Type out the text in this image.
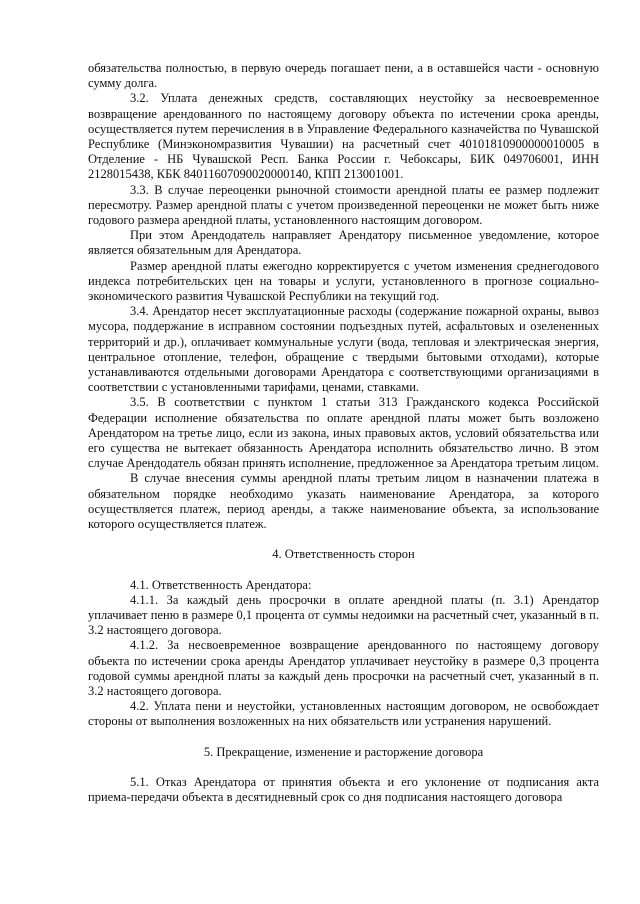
обязательства полностью, в первую очередь погашает пени, а в оставшейся части - основную сумму долга.

3.2. Уплата денежных средств, составляющих неустойку за несвоевременное возвращение арендованного по настоящему договору объекта по истечении срока аренды, осуществляется путем перечисления в в Управление Федерального казначейства по Чувашской Республике (Минэкономразвития Чувашии) на расчетный счет 40101810900000010005 в Отделение - НБ Чувашской Респ. Банка России г. Чебоксары, БИК 049706001, ИНН 2128015438, КБК 84011607090020000140, КПП 213001001.

3.3. В случае переоценки рыночной стоимости арендной платы ее размер подлежит пересмотру. Размер арендной платы с учетом произведенной переоценки не может быть ниже годового размера арендной платы, установленного настоящим договором.

При этом Арендодатель направляет Арендатору письменное уведомление, которое является обязательным для Арендатора.

Размер арендной платы ежегодно корректируется с учетом изменения среднегодового индекса потребительских цен на товары и услуги, установленного в прогнозе социально-экономического развития Чувашской Республики на текущий год.

3.4. Арендатор несет эксплуатационные расходы (содержание пожарной охраны, вывоз мусора, поддержание в исправном состоянии подъездных путей, асфальтовых и озелененных территорий и др.), оплачивает коммунальные услуги (вода, тепловая и электрическая энергия, центральное отопление, телефон, обращение с твердыми бытовыми отходами), которые устанавливаются отдельными договорами Арендатора с соответствующими организациями в соответствии с установленными тарифами, ценами, ставками.

3.5. В соответствии с пунктом 1 статьи 313 Гражданского кодекса Российской Федерации исполнение обязательства по оплате арендной платы может быть возложено Арендатором на третье лицо, если из закона, иных правовых актов, условий обязательства или его существа не вытекает обязанность Арендатора исполнить обязательство лично. В этом случае Арендодатель обязан принять исполнение, предложенное за Арендатора третьим лицом.

В случае внесения суммы арендной платы третьим лицом в назначении платежа в обязательном порядке необходимо указать наименование Арендатора, за которого осуществляется платеж, период аренды, а также наименование объекта, за использование которого осуществляется платеж.

4. Ответственность сторон

4.1. Ответственность Арендатора:

4.1.1. За каждый день просрочки в оплате арендной платы (п. 3.1) Арендатор уплачивает пеню в размере 0,1 процента от суммы недоимки на расчетный счет, указанный в п. 3.2 настоящего договора.

4.1.2. За несвоевременное возвращение арендованного по настоящему договору объекта по истечении срока аренды Арендатор уплачивает неустойку в размере 0,3 процента годовой суммы арендной платы за каждый день просрочки на расчетный счет, указанный в п. 3.2 настоящего договора.

4.2. Уплата пени и неустойки, установленных настоящим договором, не освобождает стороны от выполнения возложенных на них обязательств или устранения нарушений.

5. Прекращение, изменение и расторжение договора

5.1. Отказ Арендатора от принятия объекта и его уклонение от подписания акта приема-передачи объекта в десятидневный срок со дня подписания настоящего договора
